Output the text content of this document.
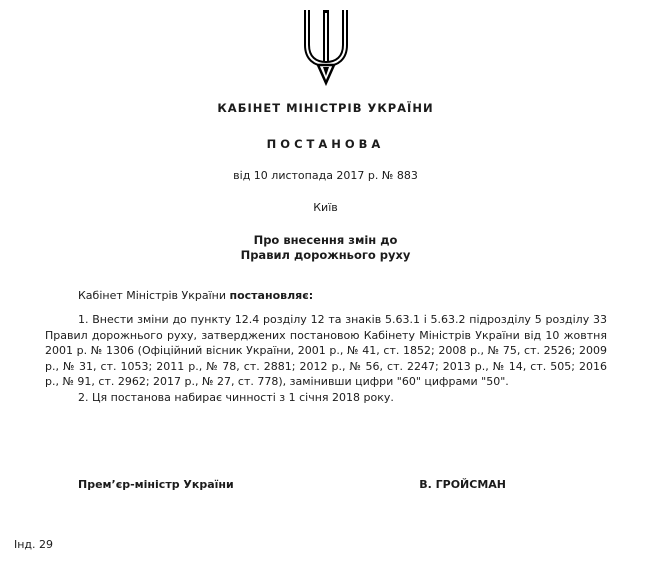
КАБІНЕТ МІНІСТРІВ УКРАЇНИ
ПОСТАНОВА
від 10 листопада 2017 р. № 883
Київ
Про внесення змін до
Правил дорожнього руху

Кабінет Міністрів України постановляє:

1. Внести зміни до пункту 12.4 розділу 12 та знаків 5.63.1 і 5.63.2 підрозділу 5 розділу 33 Правил дорожнього руху, затверджених постановою Кабінету Міністрів України від 10 жовтня 2001 р. № 1306 (Офіційний вісник України, 2001 р., № 41, ст. 1852; 2008 р., № 75, ст. 2526; 2009 р., № 31, ст. 1053; 2011 р., № 78, ст. 2881; 2012 р., № 56, ст. 2247; 2013 р., № 14, ст. 505; 2016 р., № 91, ст. 2962; 2017 р., № 27, ст. 778), замінивши цифри "60" цифрами "50".

2. Ця постанова набирає чинності з 1 січня 2018 року.

Прем’єр-міністр України	В. ГРОЙСМАН
Інд. 29
